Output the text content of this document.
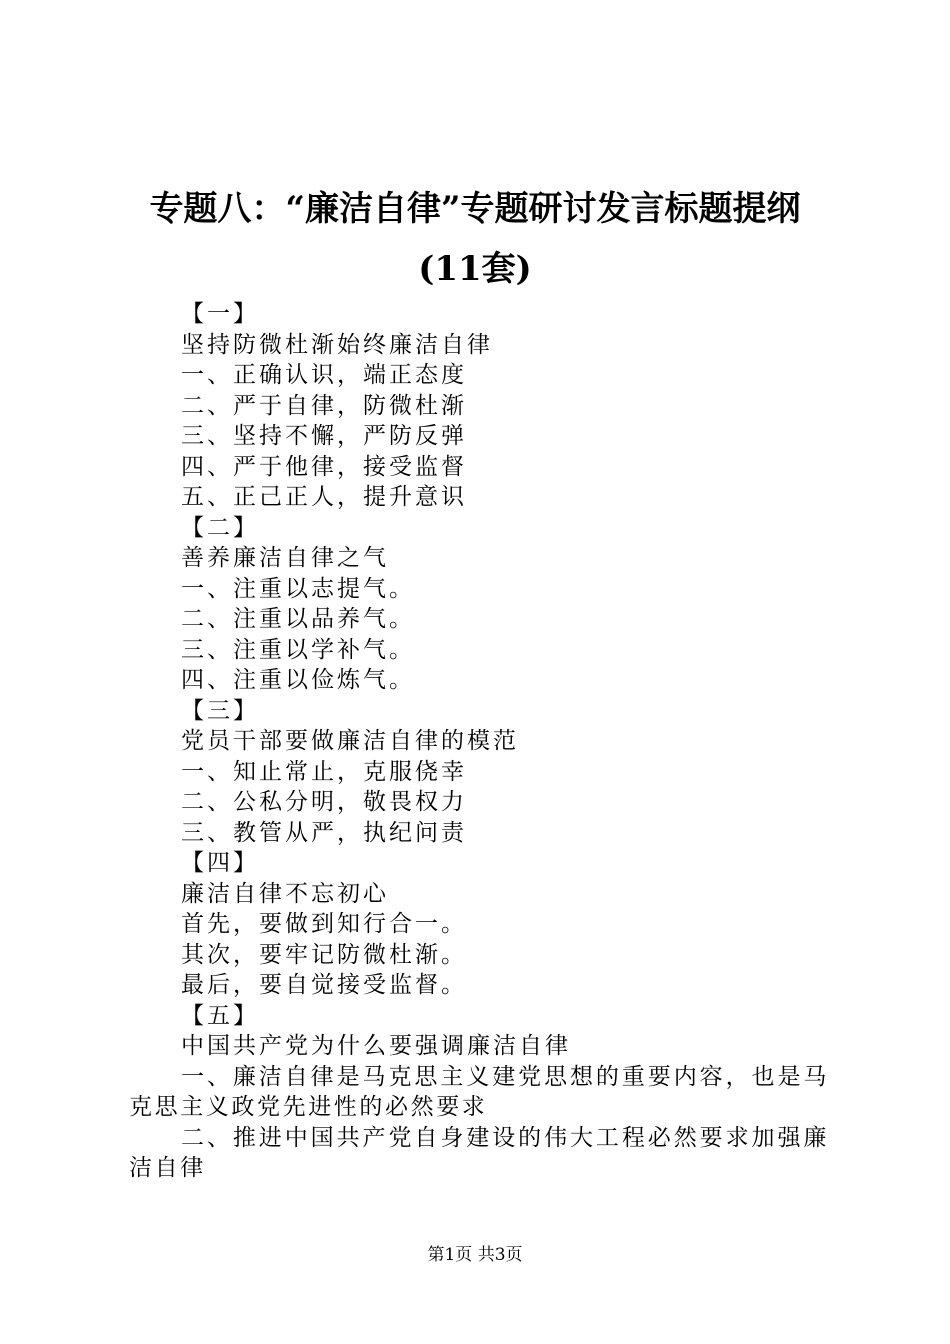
专题八：“廉洁自律”专题研讨发言标题提纲
(11套)
【一】
坚持防微杜渐始终廉洁自律
一、正确认识，端正态度
二、严于自律，防微杜渐
三、坚持不懈，严防反弹
四、严于他律，接受监督
五、正己正人，提升意识
【二】
善养廉洁自律之气
一、注重以志提气。
二、注重以品养气。
三、注重以学补气。
四、注重以俭炼气。
【三】
党员干部要做廉洁自律的模范
一、知止常止，克服侥幸
二、公私分明，敬畏权力
三、教管从严，执纪问责
【四】
廉洁自律不忘初心
首先，要做到知行合一。
其次，要牢记防微杜渐。
最后，要自觉接受监督。
【五】
中国共产党为什么要强调廉洁自律
一、廉洁自律是马克思主义建党思想的重要内容，也是马克思主义政党先进性的必然要求
二、推进中国共产党自身建设的伟大工程必然要求加强廉洁自律
第1页 共3页
